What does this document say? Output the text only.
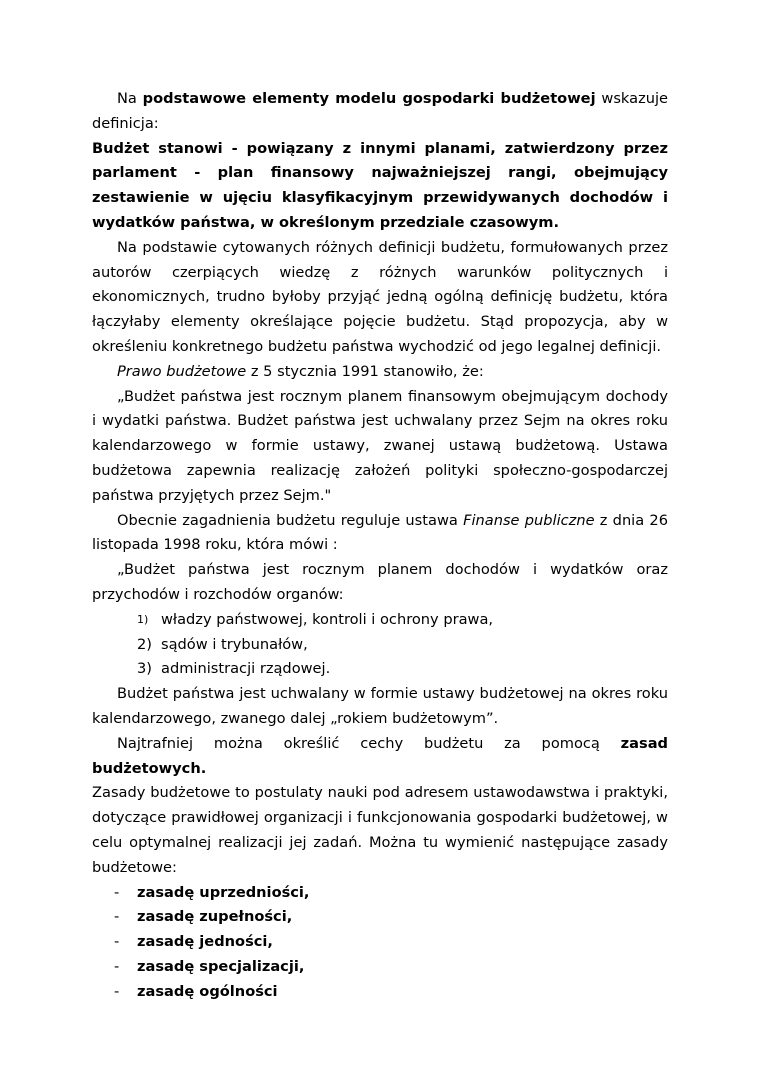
Na podstawowe elementy modelu gospodarki budżetowej wskazuje definicja:

Budżet stanowi - powiązany z innymi planami, zatwierdzony przez parlament - plan finansowy najważniejszej rangi, obejmujący zestawienie w ujęciu klasyfikacyjnym przewidywanych dochodów i wydatków państwa, w określonym przedziale czasowym.

Na podstawie cytowanych różnych definicji budżetu, formułowanych przez autorów czerpiących wiedzę z różnych warunków politycznych i ekonomicznych, trudno byłoby przyjąć jedną ogólną definicję budżetu, która łączyłaby elementy określające pojęcie budżetu. Stąd propozycja, aby w określeniu konkretnego budżetu państwa wychodzić od jego legalnej definicji.

Prawo budżetowe z 5 stycznia 1991 stanowiło, że:

„Budżet państwa jest rocznym planem finansowym obejmującym dochody i wydatki państwa. Budżet państwa jest uchwalany przez Sejm na okres roku kalendarzowego w formie ustawy, zwanej ustawą budżetową. Ustawa budżetowa zapewnia realizację założeń polityki społeczno-gospodarczej państwa przyjętych przez Sejm."

Obecnie zagadnienia budżetu reguluje ustawa Finanse publiczne z dnia 26 listopada 1998 roku, która mówi :

„Budżet państwa jest rocznym planem dochodów i wydatków oraz przychodów i rozchodów organów:

1) władzy państwowej, kontroli i ochrony prawa,
2) sądów i trybunałów,
3) administracji rządowej.

Budżet państwa jest uchwalany w formie ustawy budżetowej na okres roku kalendarzowego, zwanego dalej „rokiem budżetowym”.

Najtrafniej można określić cechy budżetu za pomocą zasad budżetowych.

Zasady budżetowe to postulaty nauki pod adresem ustawodawstwa i praktyki, dotyczące prawidłowej organizacji i funkcjonowania gospodarki budżetowej, w celu optymalnej realizacji jej zadań. Można tu wymienić następujące zasady budżetowe:

- zasadę uprzedniości,
- zasadę zupełności,
- zasadę jedności,
- zasadę specjalizacji,
- zasadę ogólności
